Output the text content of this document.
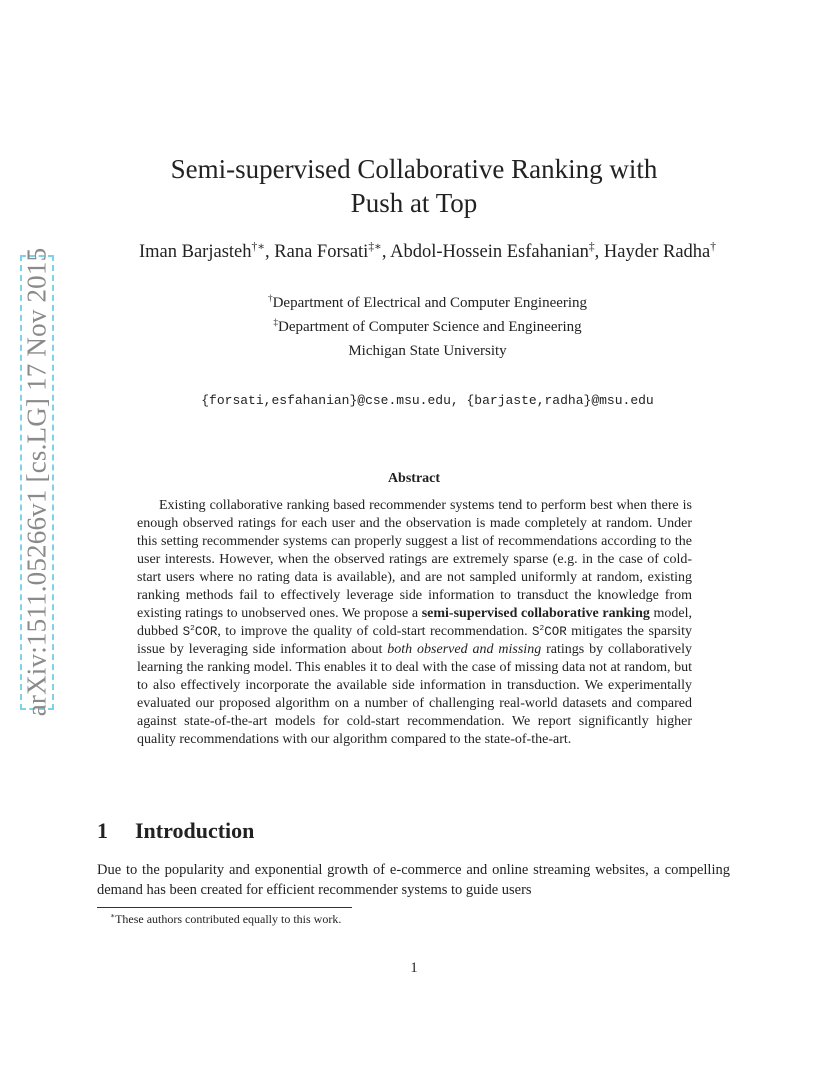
arXiv:1511.05266v1 [cs.LG] 17 Nov 2015
Semi-supervised Collaborative Ranking with
Push at Top
Iman Barjasteh†∗, Rana Forsati‡∗, Abdol-Hossein Esfahanian‡, Hayder Radha†
†Department of Electrical and Computer Engineering
‡Department of Computer Science and Engineering
Michigan State University
{forsati,esfahanian}@cse.msu.edu, {barjaste,radha}@msu.edu
Abstract

Existing collaborative ranking based recommender systems tend to perform best when there is enough observed ratings for each user and the observation is made completely at random. Under this setting recommender systems can properly suggest a list of recommendations according to the user interests. However, when the observed ratings are extremely sparse (e.g. in the case of cold-start users where no rating data is available), and are not sampled uniformly at random, existing ranking methods fail to effectively leverage side information to transduct the knowledge from existing ratings to unobserved ones. We propose a semi-supervised collaborative ranking model, dubbed $S^2COR$, to improve the quality of cold-start recommendation. $S^2COR$ mitigates the sparsity issue by leveraging side information about both observed and missing ratings by collaboratively learning the ranking model. This enables it to deal with the case of missing data not at random, but to also effectively incorporate the available side information in transduction. We experimentally evaluated our proposed algorithm on a number of challenging real-world datasets and compared against state-of-the-art models for cold-start recommendation. We report significantly higher quality recommendations with our algorithm compared to the state-of-the-art.

1 Introduction

Due to the popularity and exponential growth of e-commerce and online streaming websites, a compelling demand has been created for efficient recommender systems to guide users

∗These authors contributed equally to this work.
1
